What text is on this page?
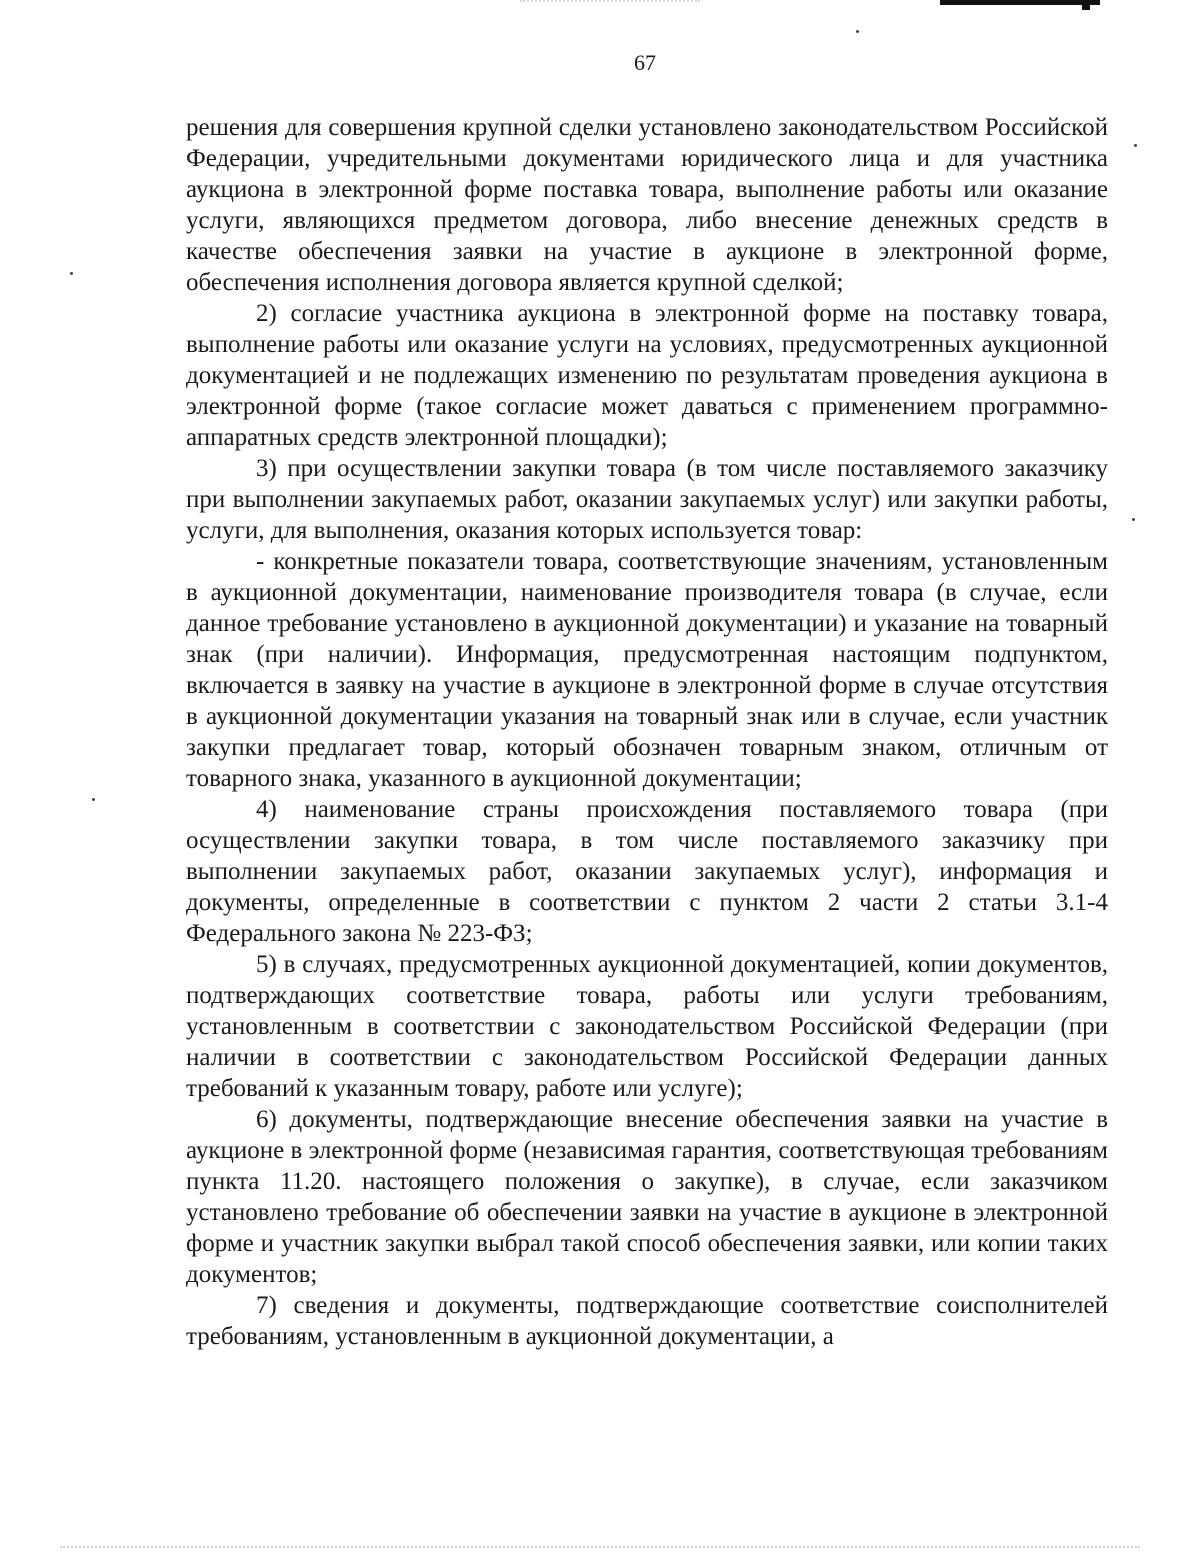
67

решения для совершения крупной сделки установлено законодательством Российской Федерации, учредительными документами юридического лица и для участника аукциона в электронной форме поставка товара, выполнение работы или оказание услуги, являющихся предметом договора, либо внесение денежных средств в качестве обеспечения заявки на участие в аукционе в электронной форме, обеспечения исполнения договора является крупной сделкой;

2) согласие участника аукциона в электронной форме на поставку товара, выполнение работы или оказание услуги на условиях, предусмотренных аукционной документацией и не подлежащих изменению по результатам проведения аукциона в электронной форме (такое согласие может даваться с применением программно-аппаратных средств электронной площадки);

3) при осуществлении закупки товара (в том числе поставляемого заказчику при выполнении закупаемых работ, оказании закупаемых услуг) или закупки работы, услуги, для выполнения, оказания которых используется товар:

- конкретные показатели товара, соответствующие значениям, установленным в аукционной документации, наименование производителя товара (в случае, если данное требование установлено в аукционной документации) и указание на товарный знак (при наличии). Информация, предусмотренная настоящим подпунктом, включается в заявку на участие в аукционе в электронной форме в случае отсутствия в аукционной документации указания на товарный знак или в случае, если участник закупки предлагает товар, который обозначен товарным знаком, отличным от товарного знака, указанного в аукционной документации;

4) наименование страны происхождения поставляемого товара (при осуществлении закупки товара, в том числе поставляемого заказчику при выполнении закупаемых работ, оказании закупаемых услуг), информация и документы, определенные в соответствии с пунктом 2 части 2 статьи 3.1-4 Федерального закона № 223-ФЗ;

5) в случаях, предусмотренных аукционной документацией, копии документов, подтверждающих соответствие товара, работы или услуги требованиям, установленным в соответствии с законодательством Российской Федерации (при наличии в соответствии с законодательством Российской Федерации данных требований к указанным товару, работе или услуге);

6) документы, подтверждающие внесение обеспечения заявки на участие в аукционе в электронной форме (независимая гарантия, соответствующая требованиям пункта 11.20. настоящего положения о закупке), в случае, если заказчиком установлено требование об обеспечении заявки на участие в аукционе в электронной форме и участник закупки выбрал такой способ обеспечения заявки, или копии таких документов;

7) сведения и документы, подтверждающие соответствие соисполнителей требованиям, установленным в аукционной документации, а
